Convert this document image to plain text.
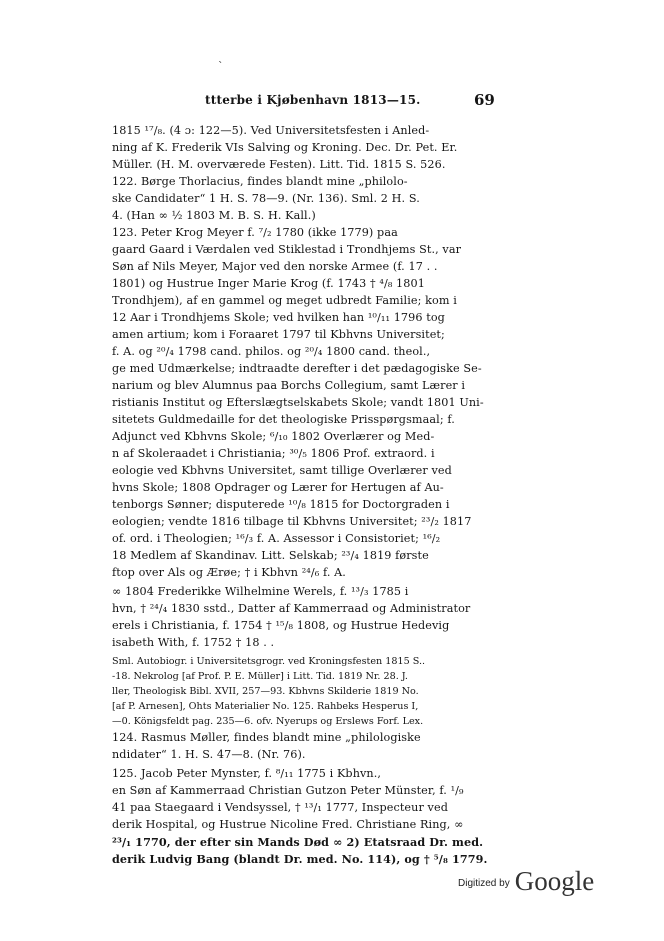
`
ttterbe i Kjøbenhavn 1813—15.	69
1815 ¹⁷/₈. (4 ɔ: 122—5). Ved Universitetsfesten i Anled-
ning af K. Frederik VIs Salving og Kroning. Dec. Dr. Pet. Er.
Müller. (H. M. overværede Festen). Litt. Tid. 1815 S. 526.
122. Børge Thorlacius, findes blandt mine „philolo-
ske Candidater“ 1 H. S. 78—9. (Nr. 136). Sml. 2 H. S.
4. (Han ∞ ½ 1803 M. B. S. H. Kall.)
123. Peter Krog Meyer f. ⁷/₂ 1780 (ikke 1779) paa
gaard Gaard i Værdalen ved Stiklestad i Trondhjems St., var
Søn af Nils Meyer, Major ved den norske Armee (f. 17 . .
1801) og Hustrue Inger Marie Krog (f. 1743 † ⁴/₈ 1801
Trondhjem), af en gammel og meget udbredt Familie; kom i
12 Aar i Trondhjems Skole; ved hvilken han ¹⁰/₁₁ 1796 tog
amen artium; kom i Foraaret 1797 til Kbhvns Universitet;
f. A. og ²⁰/₄ 1798 cand. philos. og ²⁰/₄ 1800 cand. theol.,
ge med Udmærkelse; indtraadte derefter i det pædagogiske Se-
narium og blev Alumnus paa Borchs Collegium, samt Lærer i
ristianis Institut og Efterslægtselskabets Skole; vandt 1801 Uni-
sitetets Guldmedaille for det theologiske Prisspørgsmaal; f.
Adjunct ved Kbhvns Skole; ⁶/₁₀ 1802 Overlærer og Med-
n af Skoleraadet i Christiania; ³⁰/₅ 1806 Prof. extraord. i
eologie ved Kbhvns Universitet, samt tillige Overlærer ved
hvns Skole; 1808 Opdrager og Lærer for Hertugen af Au-
tenborgs Sønner; disputerede ¹⁰/₈ 1815 for Doctorgraden i
eologien; vendte 1816 tilbage til Kbhvns Universitet; ²³/₂ 1817
of. ord. i Theologien; ¹⁶/₃ f. A. Assessor i Consistoriet; ¹⁶/₂
18 Medlem af Skandinav. Litt. Selskab; ²³/₄ 1819 første
ftop over Als og Ærøe; † i Kbhvn ²⁴/₆ f. A.
∞ 1804 Frederikke Wilhelmine Werels, f. ¹³/₃ 1785 i
hvn, † ²⁴/₄ 1830 sstd., Datter af Kammerraad og Administrator
erels i Christiania, f. 1754 † ¹⁵/₈ 1808, og Hustrue Hedevig
isabeth With, f. 1752 † 18 . .
Sml. Autobiogr. i Universitetsgrogr. ved Kroningsfesten 1815 S..
-18. Nekrolog [af Prof. P. E. Müller] i Litt. Tid. 1819 Nr. 28. J.
ller, Theologisk Bibl. XVII, 257—93. Kbhvns Skilderie 1819 No.
[af P. Arnesen], Ohts Materialier No. 125. Rahbeks Hesperus I,
—0. Königsfeldt pag. 235—6. ofv. Nyerups og Erslews Forf. Lex.
124. Rasmus Møller, findes blandt mine „philologiske
ndidater“ 1. H. S. 47—8. (Nr. 76).
125. Jacob Peter Mynster, f. ⁸/₁₁ 1775 i Kbhvn.,
en Søn af Kammerraad Christian Gutzon Peter Münster, f. ¹/₉
41 paa Staegaard i Vendsyssel, † ¹³/₁ 1777, Inspecteur ved
derik Hospital, og Hustrue Nicoline Fred. Christiane Ring, ∞
²³/₁ 1770, der efter sin Mands Død ∞ 2) Etatsraad Dr. med.
derik Ludvig Bang (blandt Dr. med. No. 114), og † ⁵/₈ 1779.
$^{Digitized by}$ Google
